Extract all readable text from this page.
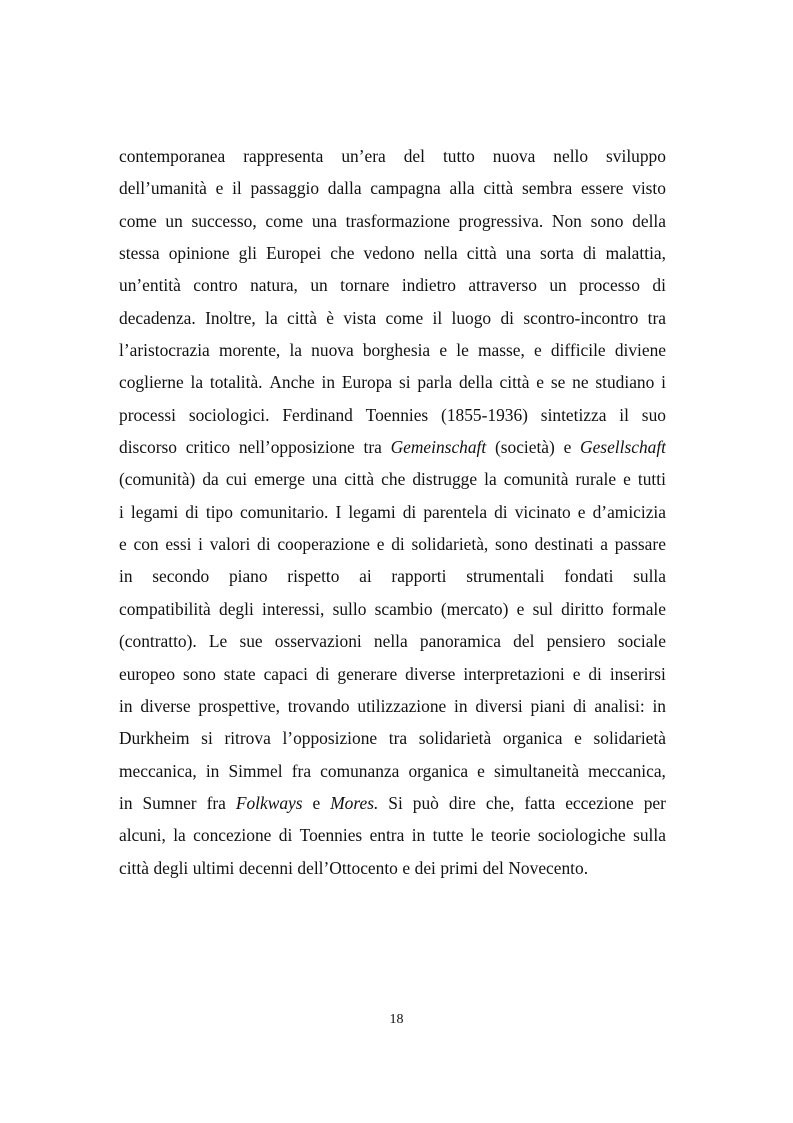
contemporanea rappresenta un’era del tutto nuova nello sviluppo
dell’umanità e il passaggio dalla campagna alla città sembra essere visto
come un successo, come una trasformazione progressiva. Non sono della
stessa opinione gli Europei che vedono nella città una sorta di malattia,
un’entità contro natura, un tornare indietro attraverso un processo di
decadenza. Inoltre, la città è vista come il luogo di scontro-incontro tra
l’aristocrazia morente, la nuova borghesia e le masse, e difficile diviene
coglierne la totalità. Anche in Europa si parla della città e se ne studiano i
processi sociologici. Ferdinand Toennies (1855-1936) sintetizza il suo
discorso critico nell’opposizione tra Gemeinschaft (società) e Gesellschaft
(comunità) da cui emerge una città che distrugge la comunità rurale e tutti
i legami di tipo comunitario. I legami di parentela di vicinato e d’amicizia
e con essi i valori di cooperazione e di solidarietà, sono destinati a passare
in secondo piano rispetto ai rapporti strumentali fondati sulla
compatibilità degli interessi, sullo scambio (mercato) e sul diritto formale
(contratto). Le sue osservazioni nella panoramica del pensiero sociale
europeo sono state capaci di generare diverse interpretazioni e di inserirsi
in diverse prospettive, trovando utilizzazione in diversi piani di analisi: in
Durkheim si ritrova l’opposizione tra solidarietà organica e solidarietà
meccanica, in Simmel fra comunanza organica e simultaneità meccanica,
in Sumner fra Folkways e Mores. Si può dire che, fatta eccezione per
alcuni, la concezione di Toennies entra in tutte le teorie sociologiche sulla
città degli ultimi decenni dell’Ottocento e dei primi del Novecento.
18
